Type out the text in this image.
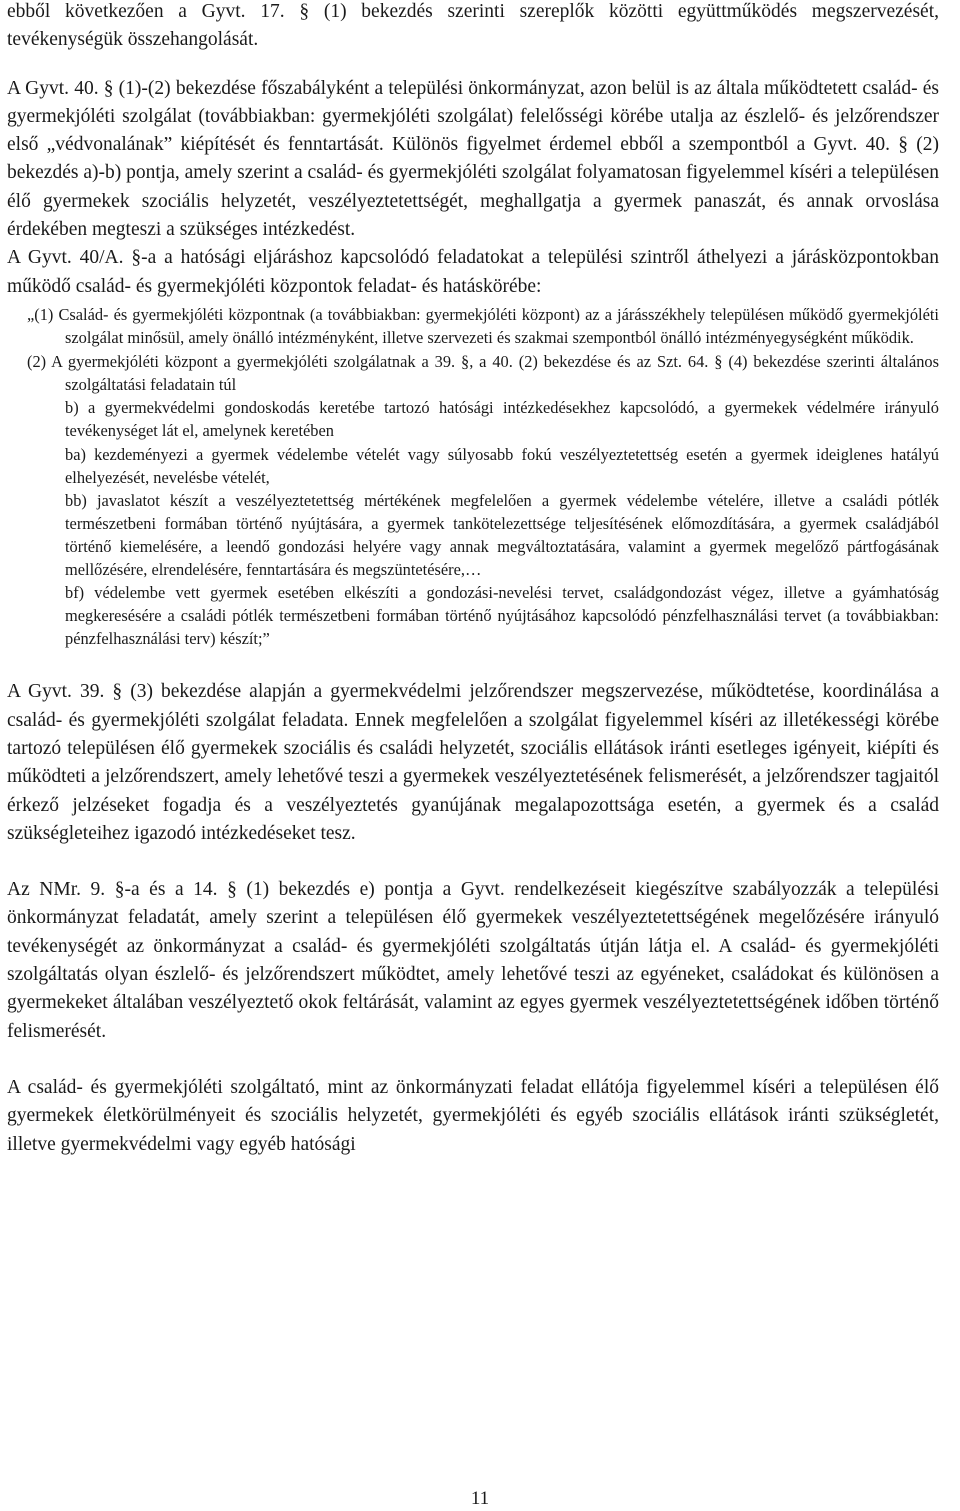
ebből következően a Gyvt. 17. § (1) bekezdés szerinti szereplők közötti együttműködés megszervezését, tevékenységük összehangolását.

A Gyvt. 40. § (1)-(2) bekezdése főszabályként a települési önkormányzat, azon belül is az általa működtetett család- és gyermekjóléti szolgálat (továbbiakban: gyermekjóléti szolgálat) felelősségi körébe utalja az észlelő- és jelzőrendszer első „védvonalának” kiépítését és fenntartását. Különös figyelmet érdemel ebből a szempontból a Gyvt. 40. § (2) bekezdés a)-b) pontja, amely szerint a család- és gyermekjóléti szolgálat folyamatosan figyelemmel kíséri a településen élő gyermekek szociális helyzetét, veszélyeztetettségét, meghallgatja a gyermek panaszát, és annak orvoslása érdekében megteszi a szükséges intézkedést.

A Gyvt. 40/A. §-a a hatósági eljáráshoz kapcsolódó feladatokat a települési szintről áthelyezi a járásközpontokban működő család- és gyermekjóléti központok feladat- és hatáskörébe:

„(1) Család- és gyermekjóléti központnak (a továbbiakban: gyermekjóléti központ) az a járásszékhely településen működő gyermekjóléti szolgálat minősül, amely önálló intézményként, illetve szervezeti és szakmai szempontból önálló intézményegységként működik.

(2) A gyermekjóléti központ a gyermekjóléti szolgálatnak a 39. §, a 40. (2) bekezdése és az Szt. 64. § (4) bekezdése szerinti általános szolgáltatási feladatain túl

b) a gyermekvédelmi gondoskodás keretébe tartozó hatósági intézkedésekhez kapcsolódó, a gyermekek védelmére irányuló tevékenységet lát el, amelynek keretében

ba) kezdeményezi a gyermek védelembe vételét vagy súlyosabb fokú veszélyeztetettség esetén a gyermek ideiglenes hatályú elhelyezését, nevelésbe vételét,

bb) javaslatot készít a veszélyeztetettség mértékének megfelelően a gyermek védelembe vételére, illetve a családi pótlék természetbeni formában történő nyújtására, a gyermek tankötelezettsége teljesítésének előmozdítására, a gyermek családjából történő kiemelésére, a leendő gondozási helyére vagy annak megváltoztatására, valamint a gyermek megelőző pártfogásának mellőzésére, elrendelésére, fenntartására és megszüntetésére,…

bf) védelembe vett gyermek esetében elkészíti a gondozási-nevelési tervet, családgondozást végez, illetve a gyámhatóság megkeresésére a családi pótlék természetbeni formában történő nyújtásához kapcsolódó pénzfelhasználási tervet (a továbbiakban: pénzfelhasználási terv) készít;”

A Gyvt. 39. § (3) bekezdése alapján a gyermekvédelmi jelzőrendszer megszervezése, működtetése, koordinálása a család- és gyermekjóléti szolgálat feladata. Ennek megfelelően a szolgálat figyelemmel kíséri az illetékességi körébe tartozó településen élő gyermekek szociális és családi helyzetét, szociális ellátások iránti esetleges igényeit, kiépíti és működteti a jelzőrendszert, amely lehetővé teszi a gyermekek veszélyeztetésének felismerését, a jelzőrendszer tagjaitól érkező jelzéseket fogadja és a veszélyeztetés gyanújának megalapozottsága esetén, a gyermek és a család szükségleteihez igazodó intézkedéseket tesz.

Az NMr. 9. §-a és a 14. § (1) bekezdés e) pontja a Gyvt. rendelkezéseit kiegészítve szabályozzák a települési önkormányzat feladatát, amely szerint a településen élő gyermekek veszélyeztetettségének megelőzésére irányuló tevékenységét az önkormányzat a család- és gyermekjóléti szolgáltatás útján látja el. A család- és gyermekjóléti szolgáltatás olyan észlelő- és jelzőrendszert működtet, amely lehetővé teszi az egyéneket, családokat és különösen a gyermekeket általában veszélyeztető okok feltárását, valamint az egyes gyermek veszélyeztetettségének időben történő felismerését.

A család- és gyermekjóléti szolgáltató, mint az önkormányzati feladat ellátója figyelemmel kíséri a településen élő gyermekek életkörülményeit és szociális helyzetét, gyermekjóléti és egyéb szociális ellátások iránti szükségletét, illetve gyermekvédelmi vagy egyéb hatósági

11
